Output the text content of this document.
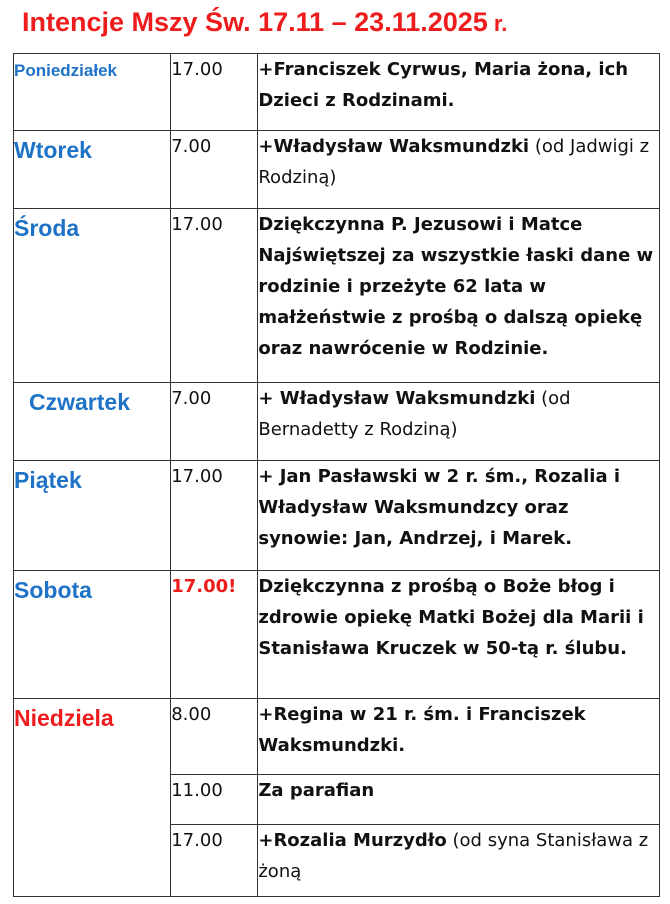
Intencje Mszy Św. 17.11 – 23.11.2025 r.
Poniedziałek	17.00	+Franciszek Cyrwus, Maria żona, ich Dzieci z Rodzinami.
Wtorek	7.00	+Władysław Waksmundzki (od Jadwigi z Rodziną)
Środa	17.00	Dziękczynna P. Jezusowi i Matce Najświętszej za wszystkie łaski dane w rodzinie i przeżyte 62 lata w małżeństwie z prośbą o dalszą opiekę oraz nawrócenie w Rodzinie.
Czwartek	7.00	+ Władysław Waksmundzki (od Bernadetty z Rodziną)
Piątek	17.00	+ Jan Pasławski w 2 r. śm., Rozalia i Władysław Waksmundzcy oraz synowie: Jan, Andrzej, i Marek.
Sobota	17.00!	Dziękczynna z prośbą o Boże błog i zdrowie opiekę Matki Bożej dla Marii i Stanisława Kruczek w 50-tą r. ślubu.
Niedziela	8.00	+Regina w 21 r. śm. i Franciszek Waksmundzki.
	11.00	Za parafian
	17.00	+Rozalia Murzydło (od syna Stanisława z żoną
